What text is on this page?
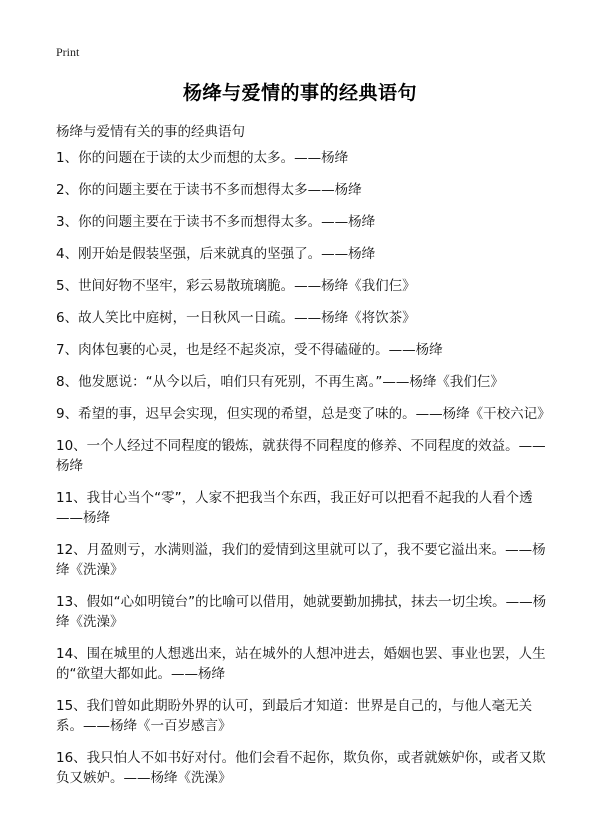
Print
杨绛与爱情的事的经典语句
杨绛与爱情有关的事的经典语句
1、你的问题在于读的太少而想的太多。——杨绛
2、你的问题主要在于读书不多而想得太多——杨绛
3、你的问题主要在于读书不多而想得太多。——杨绛
4、刚开始是假装坚强，后来就真的坚强了。——杨绛
5、世间好物不坚牢，彩云易散琉璃脆。——杨绛《我们仨》
6、故人笑比中庭树，一日秋风一日疏。——杨绛《将饮茶》
7、肉体包裹的心灵，也是经不起炎凉，受不得磕碰的。——杨绛
8、他发愿说：“从今以后，咱们只有死别，不再生离。”——杨绛《我们仨》
9、希望的事，迟早会实现，但实现的希望，总是变了味的。——杨绛《干校六记》
10、一个人经过不同程度的锻炼，就获得不同程度的修养、不同程度的效益。——杨绛
11、我甘心当个“零”，人家不把我当个东西，我正好可以把看不起我的人看个透——杨绛
12、月盈则亏，水满则溢，我们的爱情到这里就可以了，我不要它溢出来。——杨绛《洗澡》
13、假如“心如明镜台”的比喻可以借用，她就要勤加拂拭，抹去一切尘埃。——杨绛《洗澡》
14、围在城里的人想逃出来，站在城外的人想冲进去，婚姻也罢、事业也罢，人生的“欲望大都如此。——杨绛
15、我们曾如此期盼外界的认可，到最后才知道：世界是自己的，与他人毫无关系。——杨绛《一百岁感言》
16、我只怕人不如书好对付。他们会看不起你，欺负你，或者就嫉妒你，或者又欺负又嫉妒。——杨绛《洗澡》
